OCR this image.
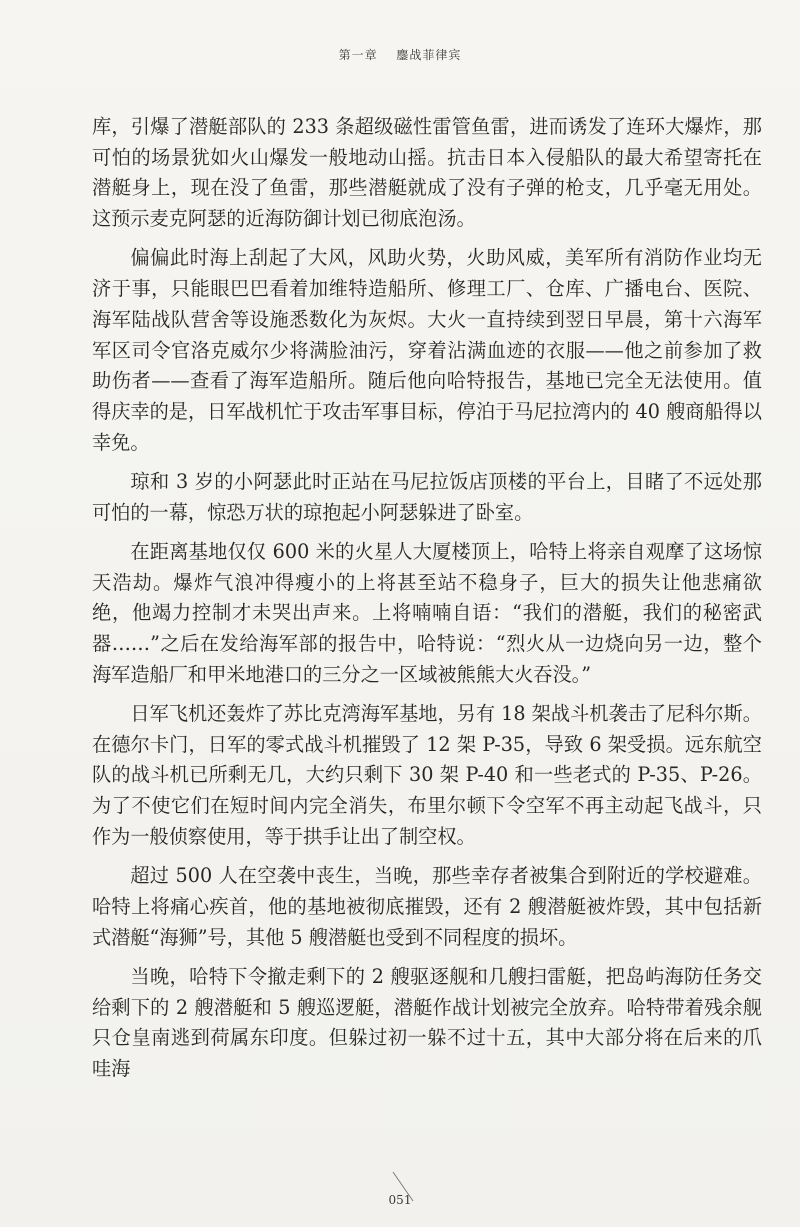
第一章 鏖战菲律宾

库，引爆了潜艇部队的 233 条超级磁性雷管鱼雷，进而诱发了连环大爆炸，那可怕的场景犹如火山爆发一般地动山摇。抗击日本入侵船队的最大希望寄托在潜艇身上，现在没了鱼雷，那些潜艇就成了没有子弹的枪支，几乎毫无用处。这预示麦克阿瑟的近海防御计划已彻底泡汤。

偏偏此时海上刮起了大风，风助火势，火助风威，美军所有消防作业均无济于事，只能眼巴巴看着加维特造船所、修理工厂、仓库、广播电台、医院、海军陆战队营舍等设施悉数化为灰烬。大火一直持续到翌日早晨，第十六海军军区司令官洛克威尔少将满脸油污，穿着沾满血迹的衣服——他之前参加了救助伤者——查看了海军造船所。随后他向哈特报告，基地已完全无法使用。值得庆幸的是，日军战机忙于攻击军事目标，停泊于马尼拉湾内的 40 艘商船得以幸免。

琼和 3 岁的小阿瑟此时正站在马尼拉饭店顶楼的平台上，目睹了不远处那可怕的一幕，惊恐万状的琼抱起小阿瑟躲进了卧室。

在距离基地仅仅 600 米的火星人大厦楼顶上，哈特上将亲自观摩了这场惊天浩劫。爆炸气浪冲得瘦小的上将甚至站不稳身子，巨大的损失让他悲痛欲绝，他竭力控制才未哭出声来。上将喃喃自语：“我们的潜艇，我们的秘密武器……”之后在发给海军部的报告中，哈特说：“烈火从一边烧向另一边，整个海军造船厂和甲米地港口的三分之一区域被熊熊大火吞没。”

日军飞机还轰炸了苏比克湾海军基地，另有 18 架战斗机袭击了尼科尔斯。在德尔卡门，日军的零式战斗机摧毁了 12 架 P-35，导致 6 架受损。远东航空队的战斗机已所剩无几，大约只剩下 30 架 P-40 和一些老式的 P-35、P-26。为了不使它们在短时间内完全消失，布里尔顿下令空军不再主动起飞战斗，只作为一般侦察使用，等于拱手让出了制空权。

超过 500 人在空袭中丧生，当晚，那些幸存者被集合到附近的学校避难。哈特上将痛心疾首，他的基地被彻底摧毁，还有 2 艘潜艇被炸毁，其中包括新式潜艇“海狮”号，其他 5 艘潜艇也受到不同程度的损坏。

当晚，哈特下令撤走剩下的 2 艘驱逐舰和几艘扫雷艇，把岛屿海防任务交给剩下的 2 艘潜艇和 5 艘巡逻艇，潜艇作战计划被完全放弃。哈特带着残余舰只仓皇南逃到荷属东印度。但躲过初一躲不过十五，其中大部分将在后来的爪哇海

051
